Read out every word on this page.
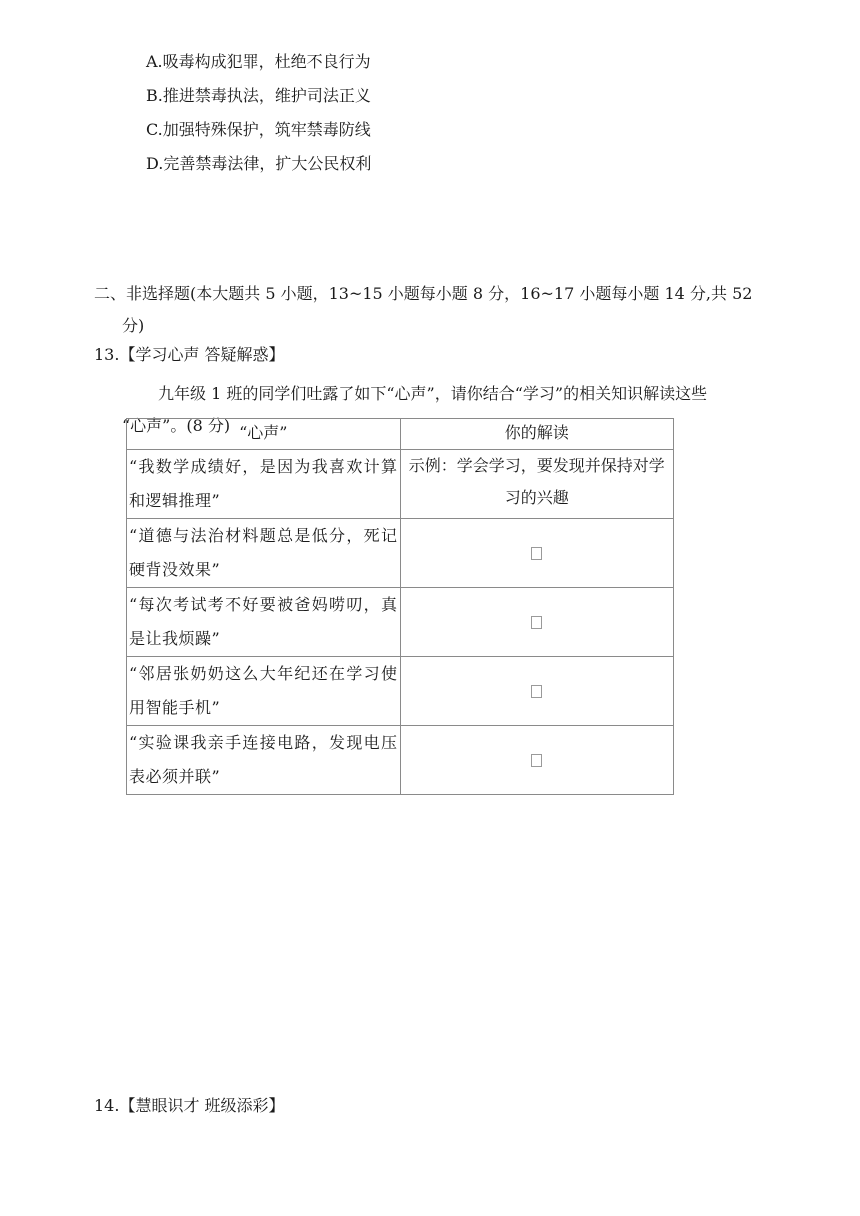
A.吸毒构成犯罪，杜绝不良行为
B.推进禁毒执法，维护司法正义
C.加强特殊保护，筑牢禁毒防线
D.完善禁毒法律，扩大公民权利
二、非选择题(本大题共 5 小题，13~15 小题每小题 8 分，16~17 小题每小题 14 分,共 52
分)
13.【学习心声 答疑解惑】
九年级 1 班的同学们吐露了如下“心声”，请你结合“学习”的相关知识解读这些
“心声”。(8 分) “心声”	你的解读
“我数学成绩好，是因为我喜欢计算和逻辑推理”	示例：学会学习，要发现并保持对学习的兴趣
“道德与法治材料题总是低分，死记硬背没效果”	
“每次考试考不好要被爸妈唠叨，真是让我烦躁”	
“邻居张奶奶这么大年纪还在学习使用智能手机”	
“实验课我亲手连接电路，发现电压表必须并联”	
14.【慧眼识才 班级添彩】
